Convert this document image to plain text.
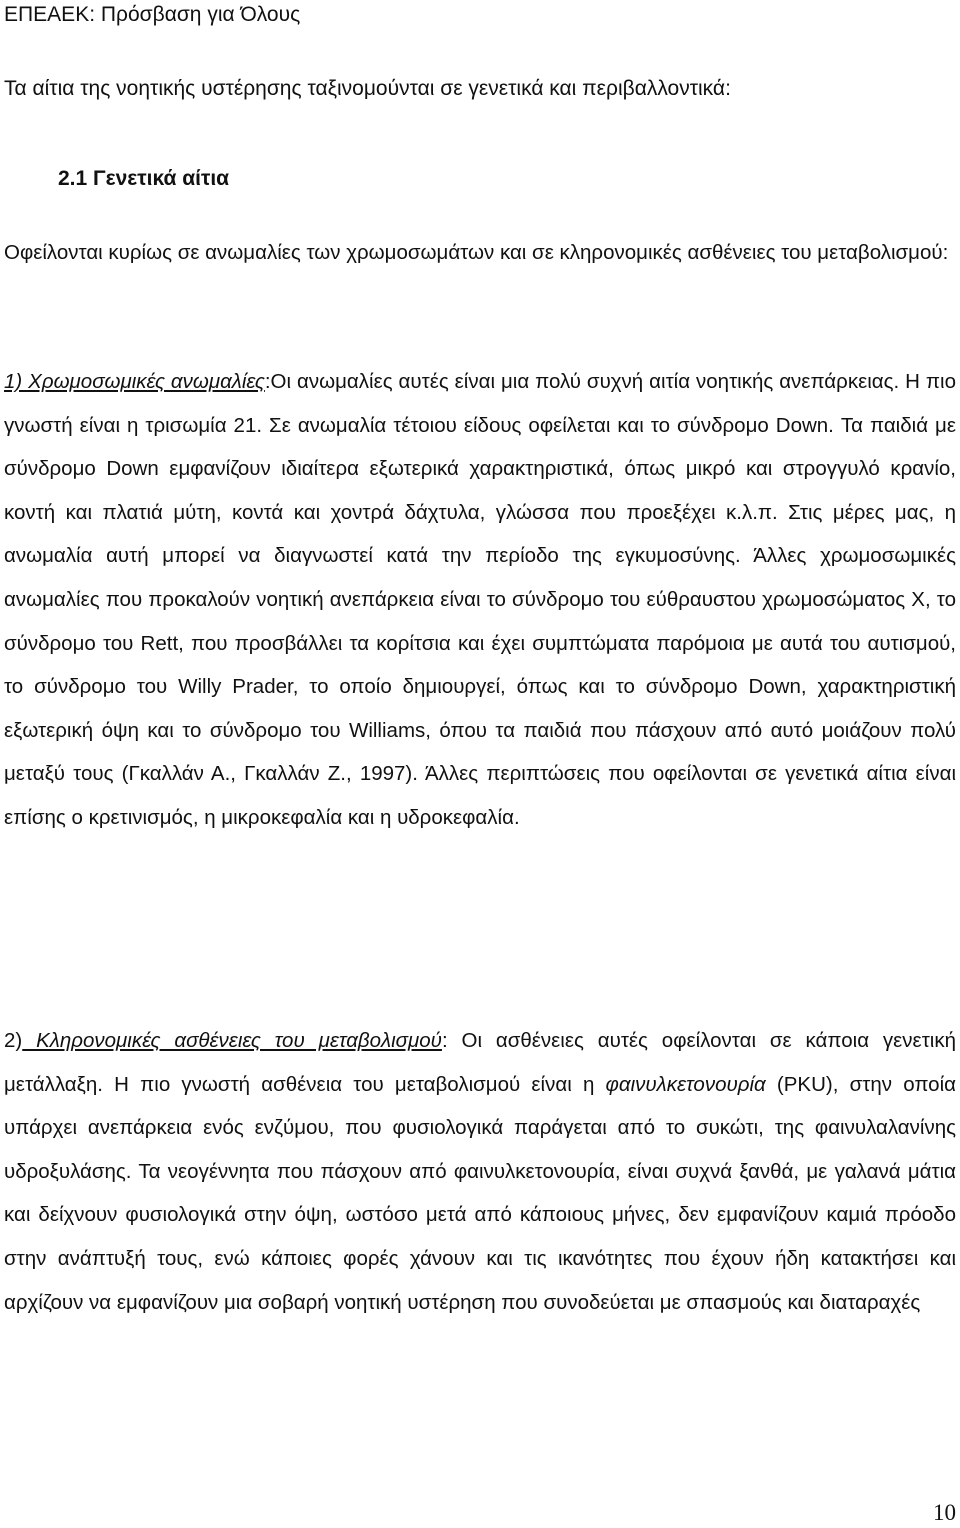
ΕΠΕΑΕΚ: Πρόσβαση για Όλους
Τα αίτια της νοητικής υστέρησης ταξινομούνται σε γενετικά και περιβαλλοντικά:
2.1 Γενετικά αίτια

Οφείλονται κυρίως σε ανωμαλίες των χρωμοσωμάτων και σε κληρονομικές ασθένειες του μεταβολισμού:

1) Χρωμοσωμικές ανωμαλίες:Οι ανωμαλίες αυτές είναι μια πολύ συχνή αιτία νοητικής ανεπάρκειας. Η πιο γνωστή είναι η τρισωμία 21. Σε ανωμαλία τέτοιου είδους οφείλεται και το σύνδρομο Down. Τα παιδιά με σύνδρομο Down εμφανίζουν ιδιαίτερα εξωτερικά χαρακτηριστικά, όπως μικρό και στρογγυλό κρανίο, κοντή και πλατιά μύτη, κοντά και χοντρά δάχτυλα, γλώσσα που προεξέχει κ.λ.π. Στις μέρες μας, η ανωμαλία αυτή μπορεί να διαγνωστεί κατά την περίοδο της εγκυμοσύνης. Άλλες χρωμοσωμικές ανωμαλίες που προκαλούν νοητική ανεπάρκεια είναι το σύνδρομο του εύθραυστου χρωμοσώματος Χ, το σύνδρομο του Rett, που προσβάλλει τα κορίτσια και έχει συμπτώματα παρόμοια με αυτά του αυτισμού, το σύνδρομο του Willy Prader, το οποίο δημιουργεί, όπως και το σύνδρομο Down, χαρακτηριστική εξωτερική όψη και το σύνδρομο του Williams, όπου τα παιδιά που πάσχουν από αυτό μοιάζουν πολύ μεταξύ τους (Γκαλλάν Α., Γκαλλάν Ζ., 1997). Άλλες περιπτώσεις που οφείλονται σε γενετικά αίτια είναι επίσης ο κρετινισμός, η μικροκεφαλία και η υδροκεφαλία.

2) Κληρονομικές ασθένειες του μεταβολισμού: Οι ασθένειες αυτές οφείλονται σε κάποια γενετική μετάλλαξη. Η πιο γνωστή ασθένεια του μεταβολισμού είναι η φαινυλκετονουρία (PKU), στην οποία υπάρχει ανεπάρκεια ενός ενζύμου, που φυσιολογικά παράγεται από το συκώτι, της φαινυλαλανίνης υδροξυλάσης. Τα νεογέννητα που πάσχουν από φαινυλκετονουρία, είναι συχνά ξανθά, με γαλανά μάτια και δείχνουν φυσιολογικά στην όψη, ωστόσο μετά από κάποιους μήνες, δεν εμφανίζουν καμιά πρόοδο στην ανάπτυξή τους, ενώ κάποιες φορές χάνουν και τις ικανότητες που έχουν ήδη κατακτήσει και αρχίζουν να εμφανίζουν μια σοβαρή νοητική υστέρηση που συνοδεύεται με σπασμούς και διαταραχές

10
